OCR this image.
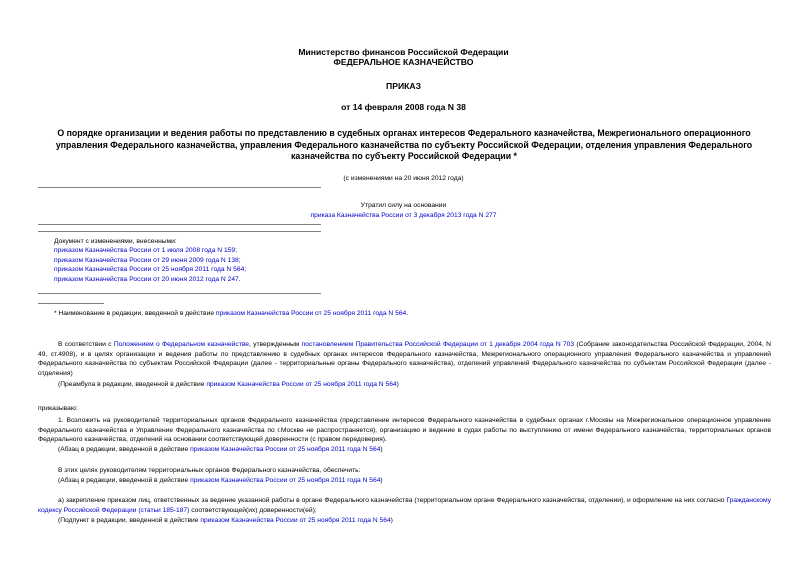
Министерство финансов Российской Федерации
ФЕДЕРАЛЬНОЕ КАЗНАЧЕЙСТВО
ПРИКАЗ
от 14 февраля 2008 года N 38
О порядке организации и ведения работы по представлению в судебных органах интересов Федерального казначейства, Межрегионального операционного
управления Федерального казначейства, управления Федерального казначейства по субъекту Российской Федерации, отделения управления Федерального
казначейства по субъекту Российской Федерации *
(с изменениями на 20 июня 2012 года)
Утратил силу на основании
приказа Казначейства России от 3 декабря 2013 года N 277
Документ с изменениями, внесенными:
приказом Казначейства России от 1 июля 2008 года N 159;
приказом Казначейства России от 29 июня 2009 года N 138;
приказом Казначейства России от 25 ноября 2011 года N 564;
приказом Казначейства России от 20 июня 2012 года N 247.
* Наименование в редакции, введенной в действие приказом Казначейства России от 25 ноября 2011 года N 564.
В соответствии с Положением о Федеральном казначействе, утвержденным постановлением Правительства Российской Федерации от 1 декабря 2004 года N 703 (Собрание законодательства Российской Федерации, 2004, N 49, ст.4908), и в целях организации и ведения работы по представлению в судебных органах интересов Федерального казначейства, Межрегионального операционного управления Федерального казначейства и управлений Федерального казначейства по субъектам Российской Федерации (далее - территориальные органы Федерального казначейства), отделений управлений Федерального казначейства по субъектам Российской Федерации (далее - отделения)
(Преамбула в редакции, введенной в действие приказом Казначейства России от 25 ноября 2011 года N 564)
приказываю:
1. Возложить на руководителей территориальных органов Федерального казначейства (представление интересов Федерального казначейства в судебных органах г.Москвы на Межрегиональное операционное управление Федерального казначейства и Управление Федерального казначейства по г.Москве не распространяется), организацию и ведение в судах работы по выступлению от имени Федерального казначейства, территориальных органов Федерального казначейства, отделений на основании соответствующей доверенности (с правом передоверия).
(Абзац в редакции, введенной в действие приказом Казначейства России от 25 ноября 2011 года N 564)
В этих целях руководителям территориальных органов Федерального казначейства, обеспечить:
(Абзац в редакции, введенной в действие приказом Казначейства России от 25 ноября 2011 года N 564)
а) закрепление приказом лиц, ответственных за ведение указанной работы в органе Федерального казначейства (территориальном органе Федерального казначейства, отделении), и оформление на них согласно Гражданскому кодексу Российской Федерации (статьи 185-187) соответствующей(их) доверенности(ей);
(Подпункт в редакции, введенной в действие приказом Казначейства России от 25 ноября 2011 года N 564)
